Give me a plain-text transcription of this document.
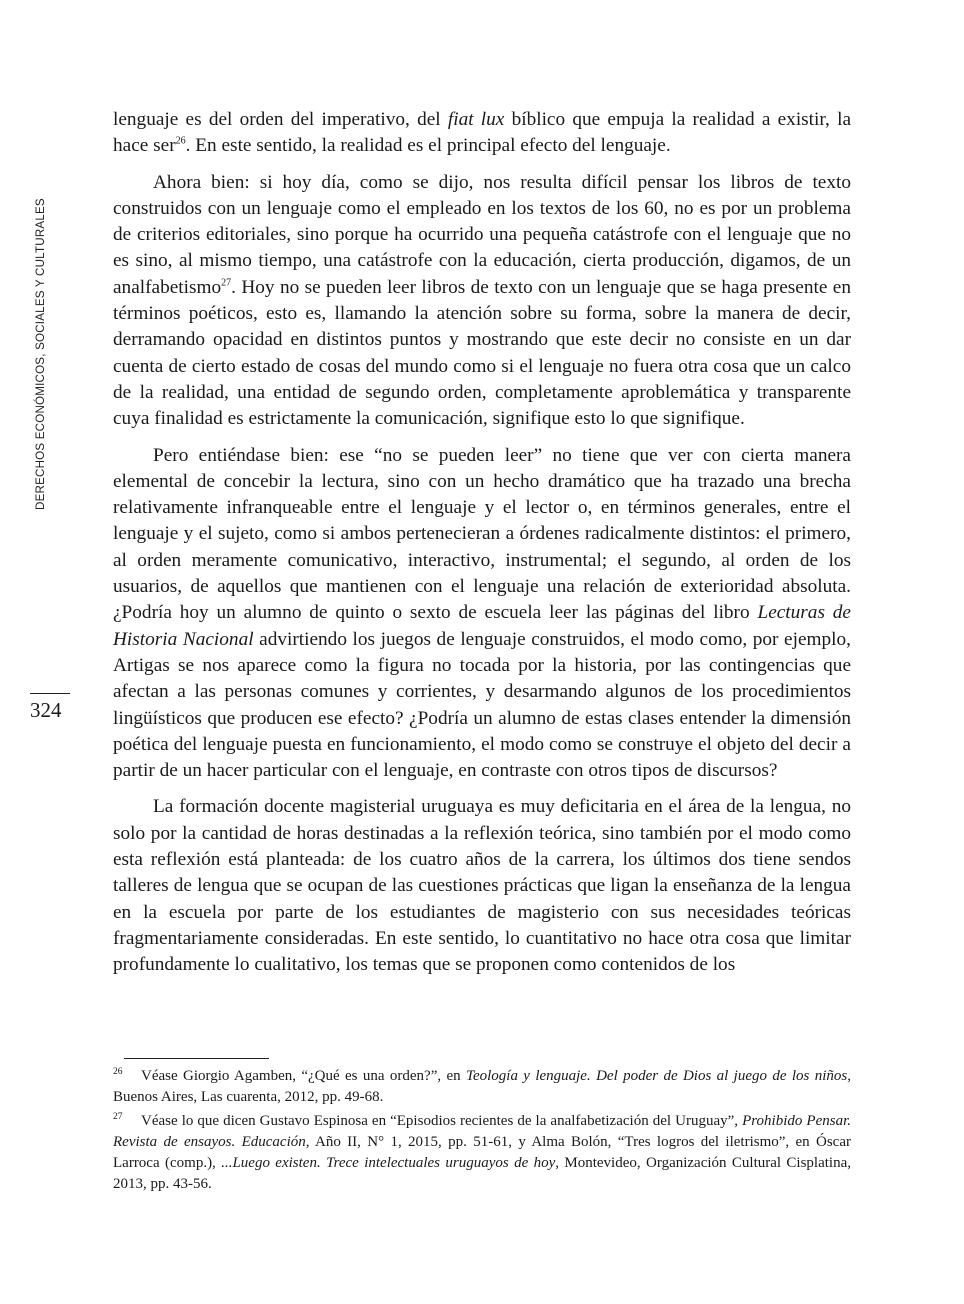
DERECHOS ECONÓMICOS, SOCIALES Y CULTURALES
324

lenguaje es del orden del imperativo, del fiat lux bíblico que empuja la realidad a existir, la hace ser$^{26}$. En este sentido, la realidad es el principal efecto del lenguaje.

Ahora bien: si hoy día, como se dijo, nos resulta difícil pensar los libros de texto construidos con un lenguaje como el empleado en los textos de los 60, no es por un problema de criterios editoriales, sino porque ha ocurrido una pequeña catástrofe con el lenguaje que no es sino, al mismo tiempo, una catástrofe con la educación, cierta producción, digamos, de un analfabetismo$^{27}$. Hoy no se pueden leer libros de texto con un lenguaje que se haga presente en términos poéticos, esto es, llamando la atención sobre su forma, sobre la manera de decir, derramando opacidad en distintos puntos y mostrando que este decir no consiste en un dar cuenta de cierto estado de cosas del mundo como si el lenguaje no fuera otra cosa que un calco de la realidad, una entidad de segundo orden, completamente aproblemática y transparente cuya finalidad es estrictamente la comunicación, signifique esto lo que signifique.

Pero entiéndase bien: ese “no se pueden leer” no tiene que ver con cierta manera elemental de concebir la lectura, sino con un hecho dramático que ha trazado una brecha relativamente infranqueable entre el lenguaje y el lector o, en términos generales, entre el lenguaje y el sujeto, como si ambos pertenecieran a órdenes radicalmente distintos: el primero, al orden meramente comunicativo, interactivo, instrumental; el segundo, al orden de los usuarios, de aquellos que mantienen con el lenguaje una relación de exterioridad absoluta. ¿Podría hoy un alumno de quinto o sexto de escuela leer las páginas del libro Lecturas de Historia Nacional advirtiendo los juegos de lenguaje construidos, el modo como, por ejemplo, Artigas se nos aparece como la figura no tocada por la historia, por las contingencias que afectan a las personas comunes y corrientes, y desarmando algunos de los procedimientos lingüísticos que producen ese efecto? ¿Podría un alumno de estas clases entender la dimensión poética del lenguaje puesta en funcionamiento, el modo como se construye el objeto del decir a partir de un hacer particular con el lenguaje, en contraste con otros tipos de discursos?

La formación docente magisterial uruguaya es muy deficitaria en el área de la lengua, no solo por la cantidad de horas destinadas a la reflexión teórica, sino también por el modo como esta reflexión está planteada: de los cuatro años de la carrera, los últimos dos tiene sendos talleres de lengua que se ocupan de las cuestiones prácticas que ligan la enseñanza de la lengua en la escuela por parte de los estudiantes de magisterio con sus necesidades teóricas fragmentariamente consideradas. En este sentido, lo cuantitativo no hace otra cosa que limitar profundamente lo cualitativo, los temas que se proponen como contenidos de los

26 Véase Giorgio Agamben, “¿Qué es una orden?”, en Teología y lenguaje. Del poder de Dios al juego de los niños, Buenos Aires, Las cuarenta, 2012, pp. 49-68.

27 Véase lo que dicen Gustavo Espinosa en “Episodios recientes de la analfabetización del Uruguay”, Prohibido Pensar. Revista de ensayos. Educación, Año II, N° 1, 2015, pp. 51-61, y Alma Bolón, “Tres logros del iletrismo”, en Óscar Larroca (comp.), ...Luego existen. Trece intelectuales uruguayos de hoy, Montevideo, Organización Cultural Cisplatina, 2013, pp. 43-56.
